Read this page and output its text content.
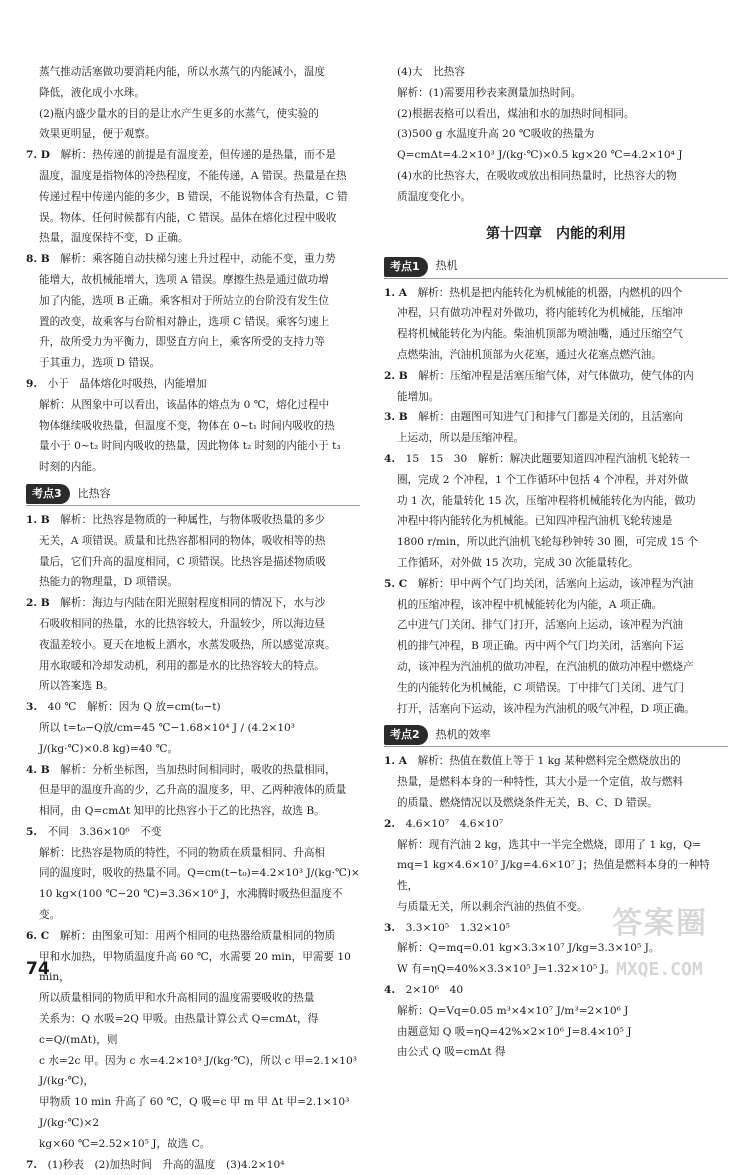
蒸气推动活塞做功要消耗内能，所以水蒸气的内能减小，温度
降低，液化成小水珠。
(2)瓶内盛少量水的目的是让水产生更多的水蒸气，使实验的
效果更明显，便于观察。
7. D　解析：热传递的前提是有温度差，但传递的是热量，而不是
温度，温度是指物体的冷热程度，不能传递，A 错误。热量是在热
传递过程中传递内能的多少，B 错误，不能说物体含有热量，C 错
误。物体、任何时候都有内能，C 错误。晶体在熔化过程中吸收
热量，温度保持不变，D 正确。
8. B　解析：乘客随自动扶梯匀速上升过程中，动能不变，重力势
能增大，故机械能增大，选项 A 错误。摩擦生热是通过做功增
加了内能，选项 B 正确。乘客相对于所站立的台阶没有发生位
置的改变，故乘客与台阶相对静止，选项 C 错误。乘客匀速上
升，故所受力为平衡力，即竖直方向上，乘客所受的支持力等
于其重力，选项 D 错误。
9.　小于　晶体熔化吋吸热，内能增加
解析：从图象中可以看出，该晶体的熔点为 0 ℃，熔化过程中
物体继续吸收热量，但温度不变，物体在 0~t₁ 时间内吸收的热
量小于 0~t₂ 时间内吸收的热量，因此物体 t₂ 时刻的内能小于 t₃
时刻的内能。
考点3	比热容
1. B　解析：比热容是物质的一种属性，与物体吸收热量的多少
无关，A 项错误。质量和比热容都相同的物体，吸收相等的热
量后，它们升高的温度相同，C 项错误。比热容是描述物质吸
热能力的物理量，D 项错误。
2. B　解析：海边与内陆在阳光照射程度相同的情况下，水与沙
石吸收相同的热量，水的比热容较大，升温较少，所以海边昼
夜温差较小。夏天在地板上洒水，水蒸发吸热，所以感觉凉爽。
用水取暖和冷却发动机，利用的都是水的比热容较大的特点。
所以答案选 B。
3.　40 ℃　解析：因为 Q 放=cm(t₀−t)
所以 t=t₀−Q放/cm=45 ℃−1.68×10⁴ J / (4.2×10³ J/(kg·℃)×0.8 kg)=40 ℃。
4. B　解析：分析坐标图，当加热时间相同时，吸收的热量相同，
但是甲的温度升高的少，乙升高的温度多，甲、乙两种液体的质量
相同，由 Q=cmΔt 知甲的比热容小于乙的比热容，故选 B。
5.　不同　3.36×10⁶　不变
解析：比热容是物质的特性，不同的物质在质量相同、升高相
同的温度时，吸收的热量不同。Q=cm(t−t₀)=4.2×10³ J/(kg·℃)×
10 kg×(100 ℃−20 ℃)=3.36×10⁶ J，水沸腾时吸热但温度不变。
6. C　解析：由图象可知：用两个相同的电热器给质量相同的物质
甲和水加热，甲物质温度升高 60 ℃，水需要 20 min，甲需要 10 min，
所以质量相同的物质甲和水升高相同的温度需要吸收的热量
关系为：Q 水吸=2Q 甲吸。由热量计算公式 Q=cmΔt，得 c=Q/(mΔt)，则
c 水=2c 甲。因为 c 水=4.2×10³ J/(kg·℃)，所以 c 甲=2.1×10³ J/(kg·℃)，
甲物质 10 min 升高了 60 ℃，Q 吸=c 甲 m 甲 Δt 甲=2.1×10³ J/(kg·℃)×2
kg×60 ℃=2.52×10⁵ J，故选 C。
7.　(1)秒表　(2)加热时间　升高的温度　(3)4.2×10⁴
(4)大　比热容
解析：(1)需要用秒表来测量加热时间。
(2)根据表格可以看出，煤油和水的加热时间相同。
(3)500 g 水温度升高 20 ℃吸收的热量为
Q=cmΔt=4.2×10³ J/(kg·℃)×0.5 kg×20 ℃=4.2×10⁴ J
(4)水的比热容大，在吸收或放出相同热量时，比热容大的物
质温度变化小。
第十四章　内能的利用
考点1	热机
1. A　解析：热机是把内能转化为机械能的机器，内燃机的四个
冲程，只有做功冲程对外做功，将内能转化为机械能，压缩冲
程将机械能转化为内能。柴油机顶部为喷油嘴，通过压缩空气
点燃柴油，汽油机顶部为火花塞，通过火花塞点燃汽油。
2. B　解析：压缩冲程是活塞压缩气体，对气体做功，使气体的内
能增加。
3. B　解析：由题图可知进气门和排气门都是关闭的，且活塞向
上运动，所以是压缩冲程。
4.　15　15　30　解析：解决此题要知道四冲程汽油机飞轮转一
圈，完成 2 个冲程，1 个工作循环中包括 4 个冲程，并对外做
功 1 次，能量转化 15 次，压缩冲程将机械能转化为内能，做功
冲程中将内能转化为机械能。已知四冲程汽油机飞轮转速是
1800 r/min，所以此汽油机飞轮每秒钟转 30 圈，可完成 15 个
工作循环，对外做 15 次功，完成 30 次能量转化。
5. C　解析：甲中两个气门均关闭，活塞向上运动，该冲程为汽油
机的压缩冲程，该冲程中机械能转化为内能，A 项正确。
乙中进气门关闭、排气门打开，活塞向上运动，该冲程为汽油
机的排气冲程，B 项正确。丙中两个气门均关闭，活塞向下运
动，该冲程为汽油机的做功冲程，在汽油机的做功冲程中燃烧产
生的内能转化为机械能，C 项错误。丁中排气门关闭、进气门
打开，活塞向下运动，该冲程为汽油机的吸气冲程，D 项正确。
考点2	热机的效率
1. A　解析：热值在数值上等于 1 kg 某种燃料完全燃烧放出的
热量，是燃料本身的一种特性，其大小是一个定值，故与燃料
的质量、燃烧情况以及燃烧条件无关，B、C、D 错误。
2.　4.6×10⁷　4.6×10⁷
解析：现有汽油 2 kg，选其中一半完全燃烧，即用了 1 kg，Q=
mq=1 kg×4.6×10⁷ J/kg=4.6×10⁷ J；热值是燃料本身的一种特性，
与质量无关，所以剩余汽油的热值不变。
3.　3.3×10⁵　1.32×10⁵
解析：Q=mq=0.01 kg×3.3×10⁷ J/kg=3.3×10⁵ J。
W 有=ηQ=40%×3.3×10⁵ J=1.32×10⁵ J。
4.　2×10⁶　40
解析：Q=Vq=0.05 m³×4×10⁷ J/m³=2×10⁶ J
由题意知 Q 吸=ηQ=42%×2×10⁶ J=8.4×10⁵ J
由公式 Q 吸=cmΔt 得
74
答案圈
MXQE.COM
